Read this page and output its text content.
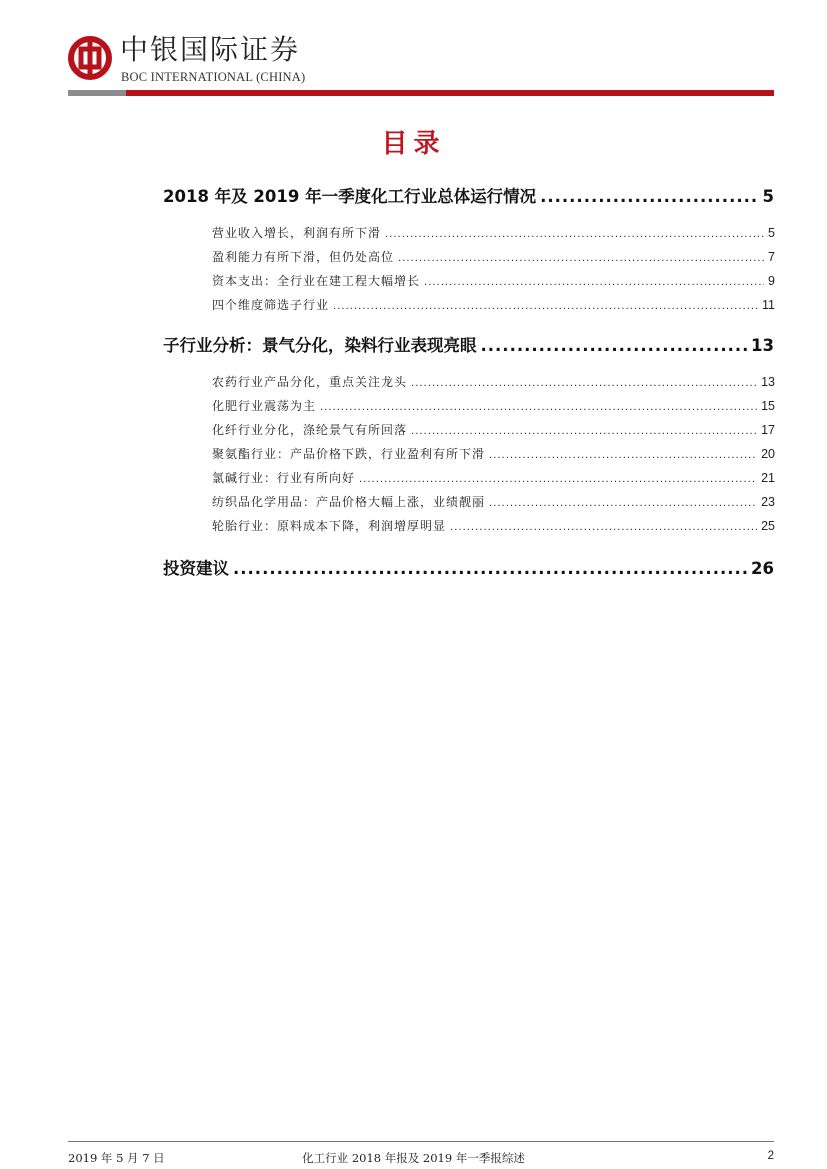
中银国际证券
BOC INTERNATIONAL (CHINA)
目录
2018 年及 2019 年一季度化工行业总体运行情况 .....	5
营业收入增长，利润有所下滑 .....	5
盈利能力有所下滑，但仍处高位 .....	7
资本支出：全行业在建工程大幅增长 .....	9
四个维度筛选子行业 .....	11
子行业分析：景气分化，染料行业表现亮眼 .....	13
农药行业产品分化，重点关注龙头 .....	13
化肥行业震荡为主 .....	15
化纤行业分化，涤纶景气有所回落 .....	17
聚氨酯行业：产品价格下跌，行业盈利有所下滑 .....	20
氯碱行业：行业有所向好 .....	21
纺织品化学用品：产品价格大幅上涨，业绩靓丽 .....	23
轮胎行业：原料成本下降，利润增厚明显 .....	25
投资建议 .....	26
2019 年 5 月 7 日	化工行业 2018 年报及 2019 年一季报综述	2
